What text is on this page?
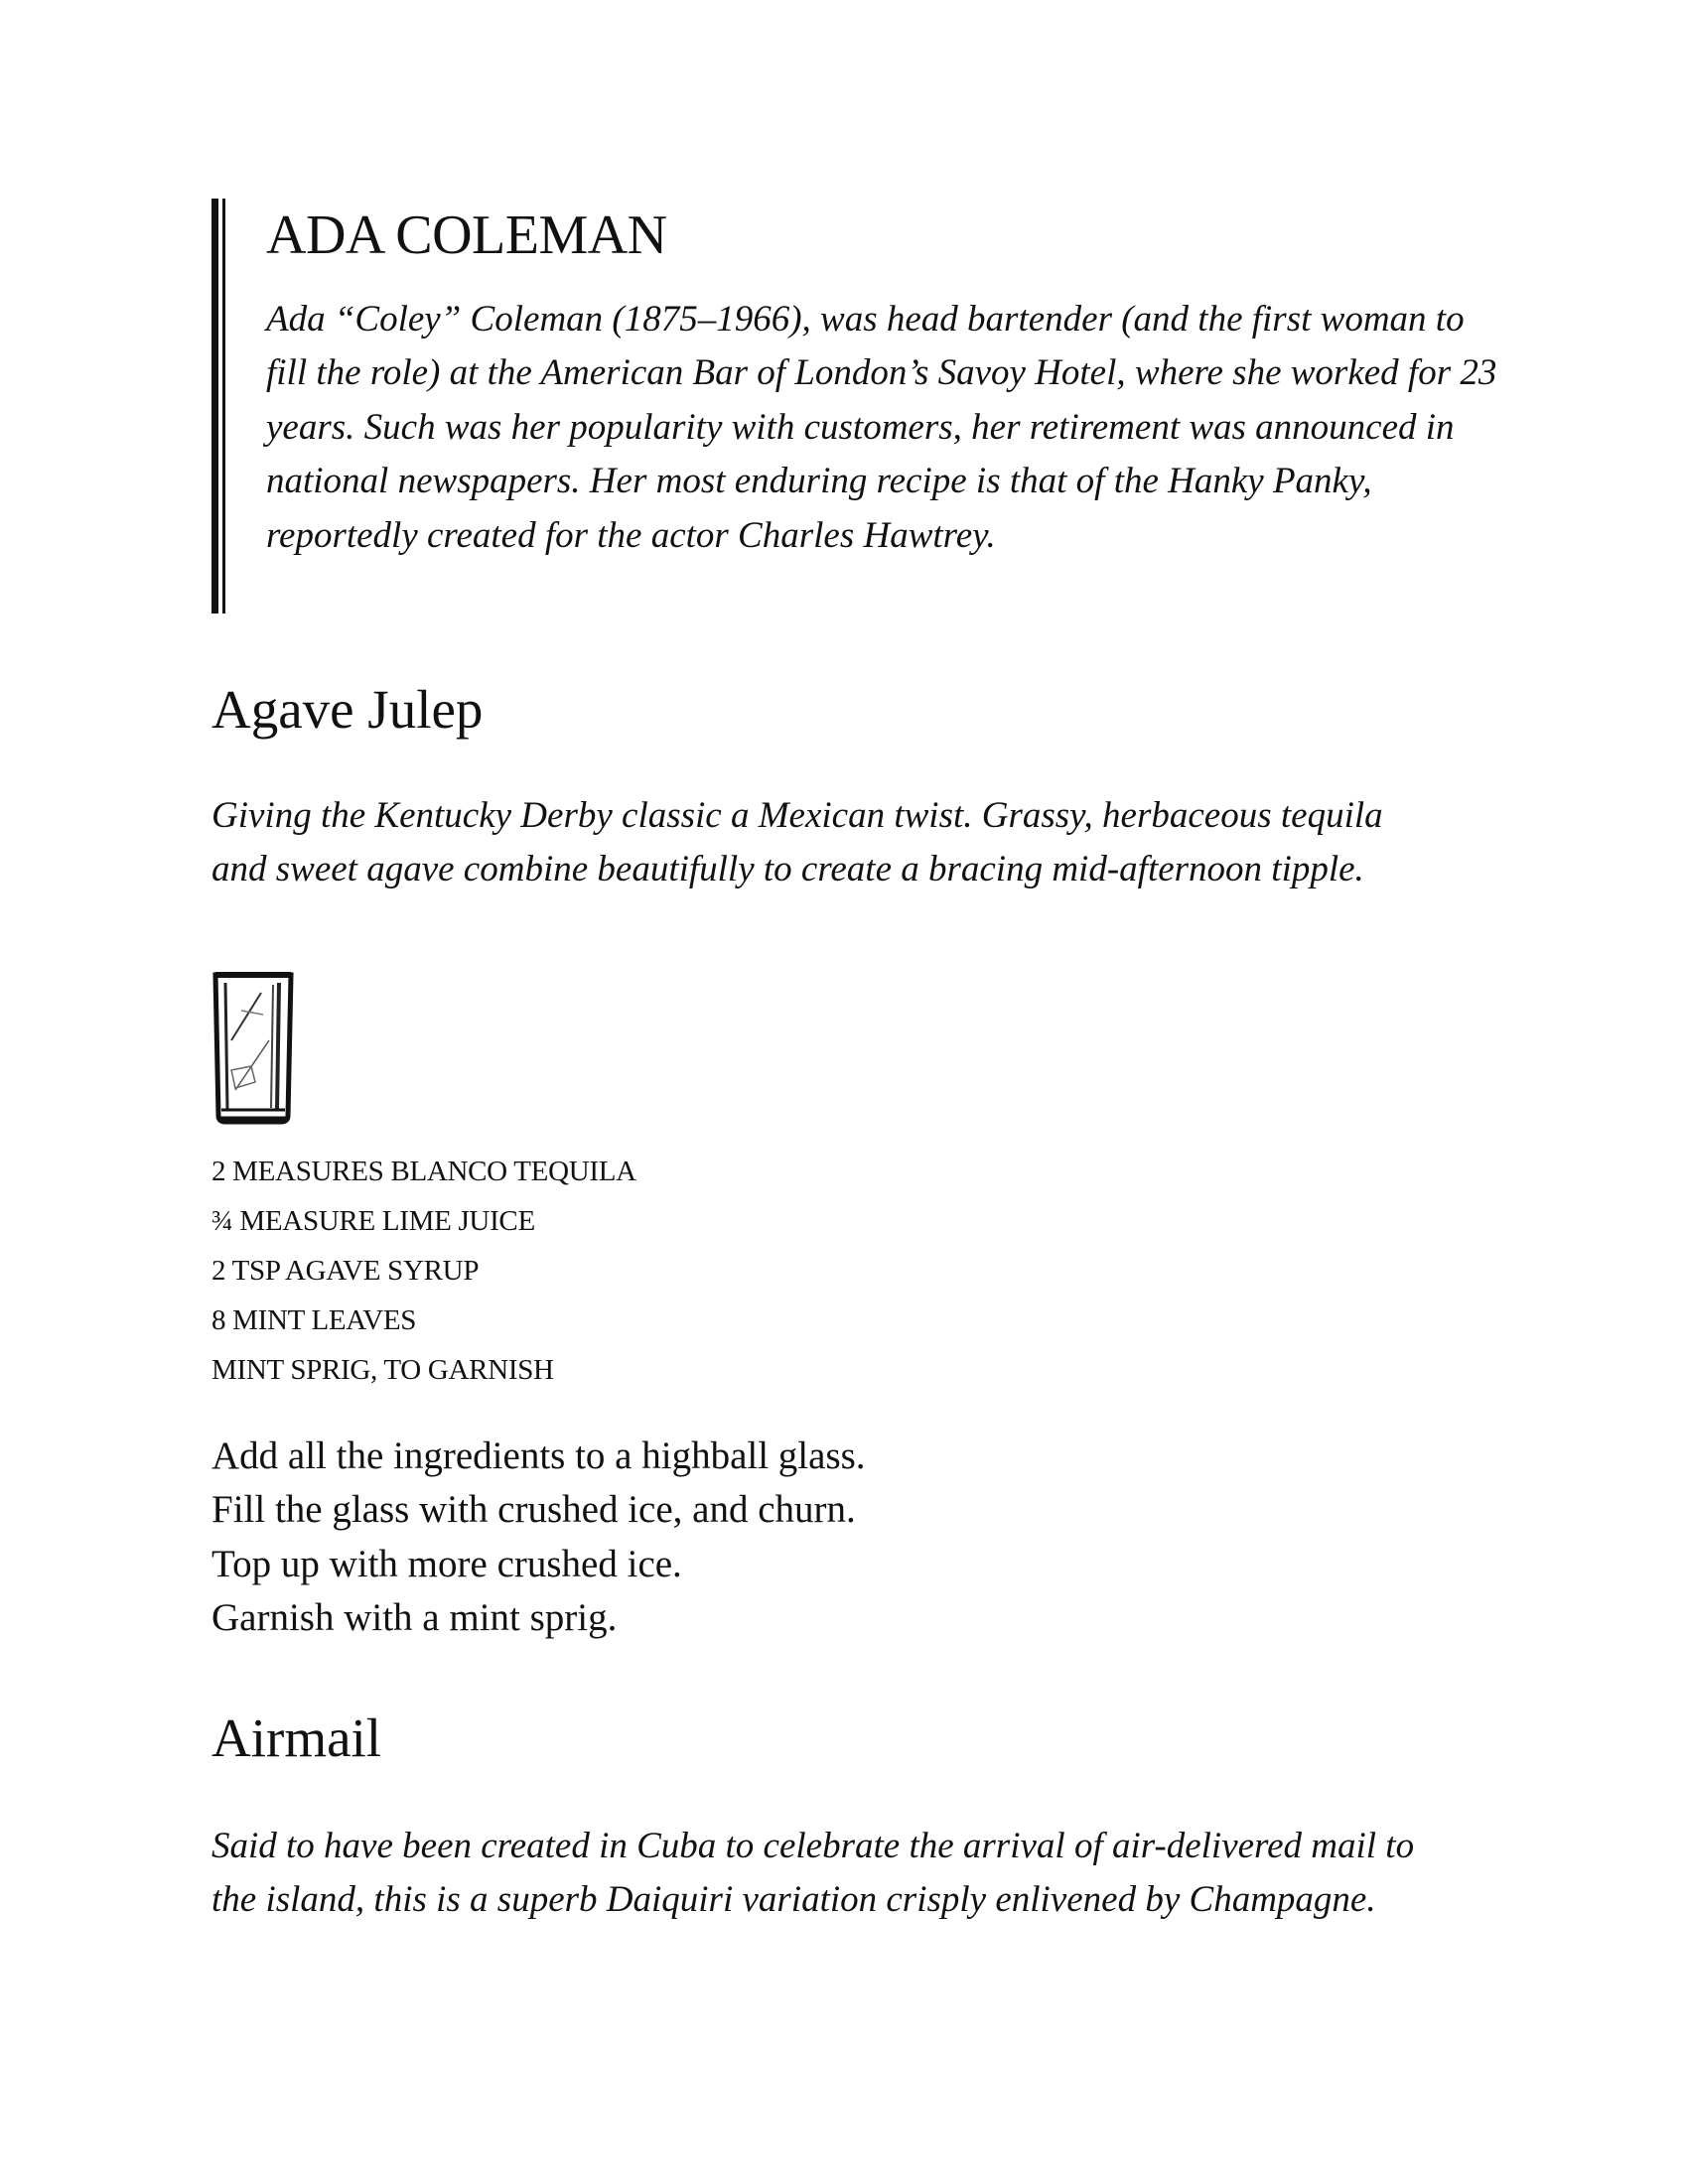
ADA COLEMAN
Ada “Coley” Coleman (1875–1966), was head bartender (and the first woman to fill the role) at the American Bar of London’s Savoy Hotel, where she worked for 23 years. Such was her popularity with customers, her retirement was announced in national newspapers. Her most enduring recipe is that of the Hanky Panky, reportedly created for the actor Charles Hawtrey.
Agave Julep
Giving the Kentucky Derby classic a Mexican twist. Grassy, herbaceous tequila and sweet agave combine beautifully to create a bracing mid-afternoon tipple.
2 MEASURES BLANCO TEQUILA
¾ MEASURE LIME JUICE
2 TSP AGAVE SYRUP
8 MINT LEAVES
MINT SPRIG, TO GARNISH
Add all the ingredients to a highball glass.
Fill the glass with crushed ice, and churn.
Top up with more crushed ice.
Garnish with a mint sprig.
Airmail
Said to have been created in Cuba to celebrate the arrival of air-delivered mail to the island, this is a superb Daiquiri variation crisply enlivened by Champagne.
